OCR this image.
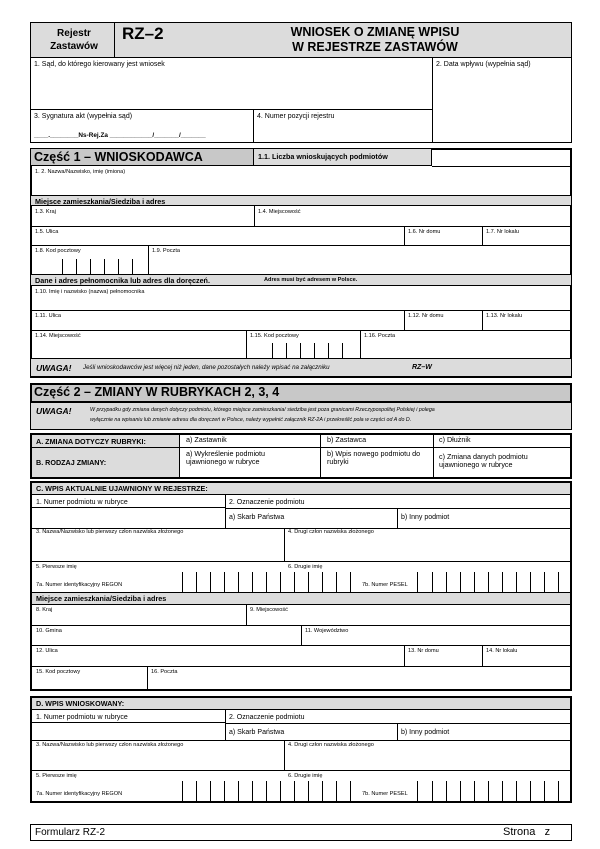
Rejestr Zastawów
RZ–2	WNIOSEK O ZMIANĘ WPISU
W REJESTRZE ZASTAWÓW
1. Sąd, do którego kierowany jest wniosek	2. Data wpływu (wypełnia sąd)
3. Sygnatura akt (wypełnia sąd)
____.________Ns-Rej.Za ____________/_______/_______
4. Numer pozycji rejestru
Część 1 – WNIOSKODAWCA	1.1. Liczba wnioskujących podmiotów
1. 2. Nazwa/Nazwisko, imię (imiona)
Miejsce zamieszkania/Siedziba i adres
1.3. Kraj	1.4. Miejscowość
1.5. Ulica	1.6. Nr domu	1.7. Nr lokalu
1.8. Kod pocztowy	1.9. Poczta
Dane i adres pełnomocnika lub adres dla doręczeń.	Adres musi być adresem w Polsce.
1.10. Imię i nazwisko (nazwa) pełnomocnika
1.11. Ulica	1.12. Nr domu	1.13. Nr lokalu
1.14. Miejscowość	1.15. Kod pocztowy	1.16. Poczta
UWAGA! Jeśli wnioskodawców jest więcej niż jeden, dane pozostałych należy wpisać na załączniku	RZ–W
Część 2 – ZMIANY W RUBRYKACH 2, 3, 4
UWAGA!	W przypadku gdy zmiana danych dotyczy podmiotu, którego miejsce zamieszkania/ siedziba jest poza granicami Rzeczypospolitej Polskiej i polega
wyłącznie na wpisaniu lub zmianie adresu dla doręczeń w Polsce, należy wypełnić załącznik RZ-2A i przekreślić pola w części od A do D.
A. ZMIANA DOTYCZY RUBRYKI:	a) Zastawnik	b) Zastawca	c) Dłużnik
B. RODZAJ ZMIANY:
a) Wykreślenie podmiotu ujawnionego w rubryce
b) Wpis nowego podmiotu do rubryki
c) Zmiana danych podmiotu ujawnionego w rubryce
C. WPIS AKTUALNIE UJAWNIONY W REJESTRZE:
1. Numer podmiotu w rubryce	2. Oznaczenie podmiotu
a) Skarb Państwa	b) Inny podmiot
3. Nazwa/Nazwisko lub pierwszy człon nazwiska złożonego	4. Drugi człon nazwiska złożonego
5. Pierwsze imię	6. Drugie imię
7a. Numer identyfikacyjny REGON	7b. Numer PESEL
Miejsce zamieszkania/Siedziba i adres
8. Kraj	9. Miejscowość
10. Gmina	11. Województwo
12. Ulica	13. Nr domu	14. Nr lokalu
15. Kod pocztowy	16. Poczta
D. WPIS WNIOSKOWANY:
1. Numer podmiotu w rubryce	2. Oznaczenie podmiotu
a) Skarb Państwa	b) Inny podmiot
3. Nazwa/Nazwisko lub pierwszy człon nazwiska złożonego	4. Drugi człon nazwiska złożonego
5. Pierwsze imię	6. Drugie imię
7a. Numer identyfikacyjny REGON	7b. Numer PESEL
Formularz RZ-2	Strona   z
